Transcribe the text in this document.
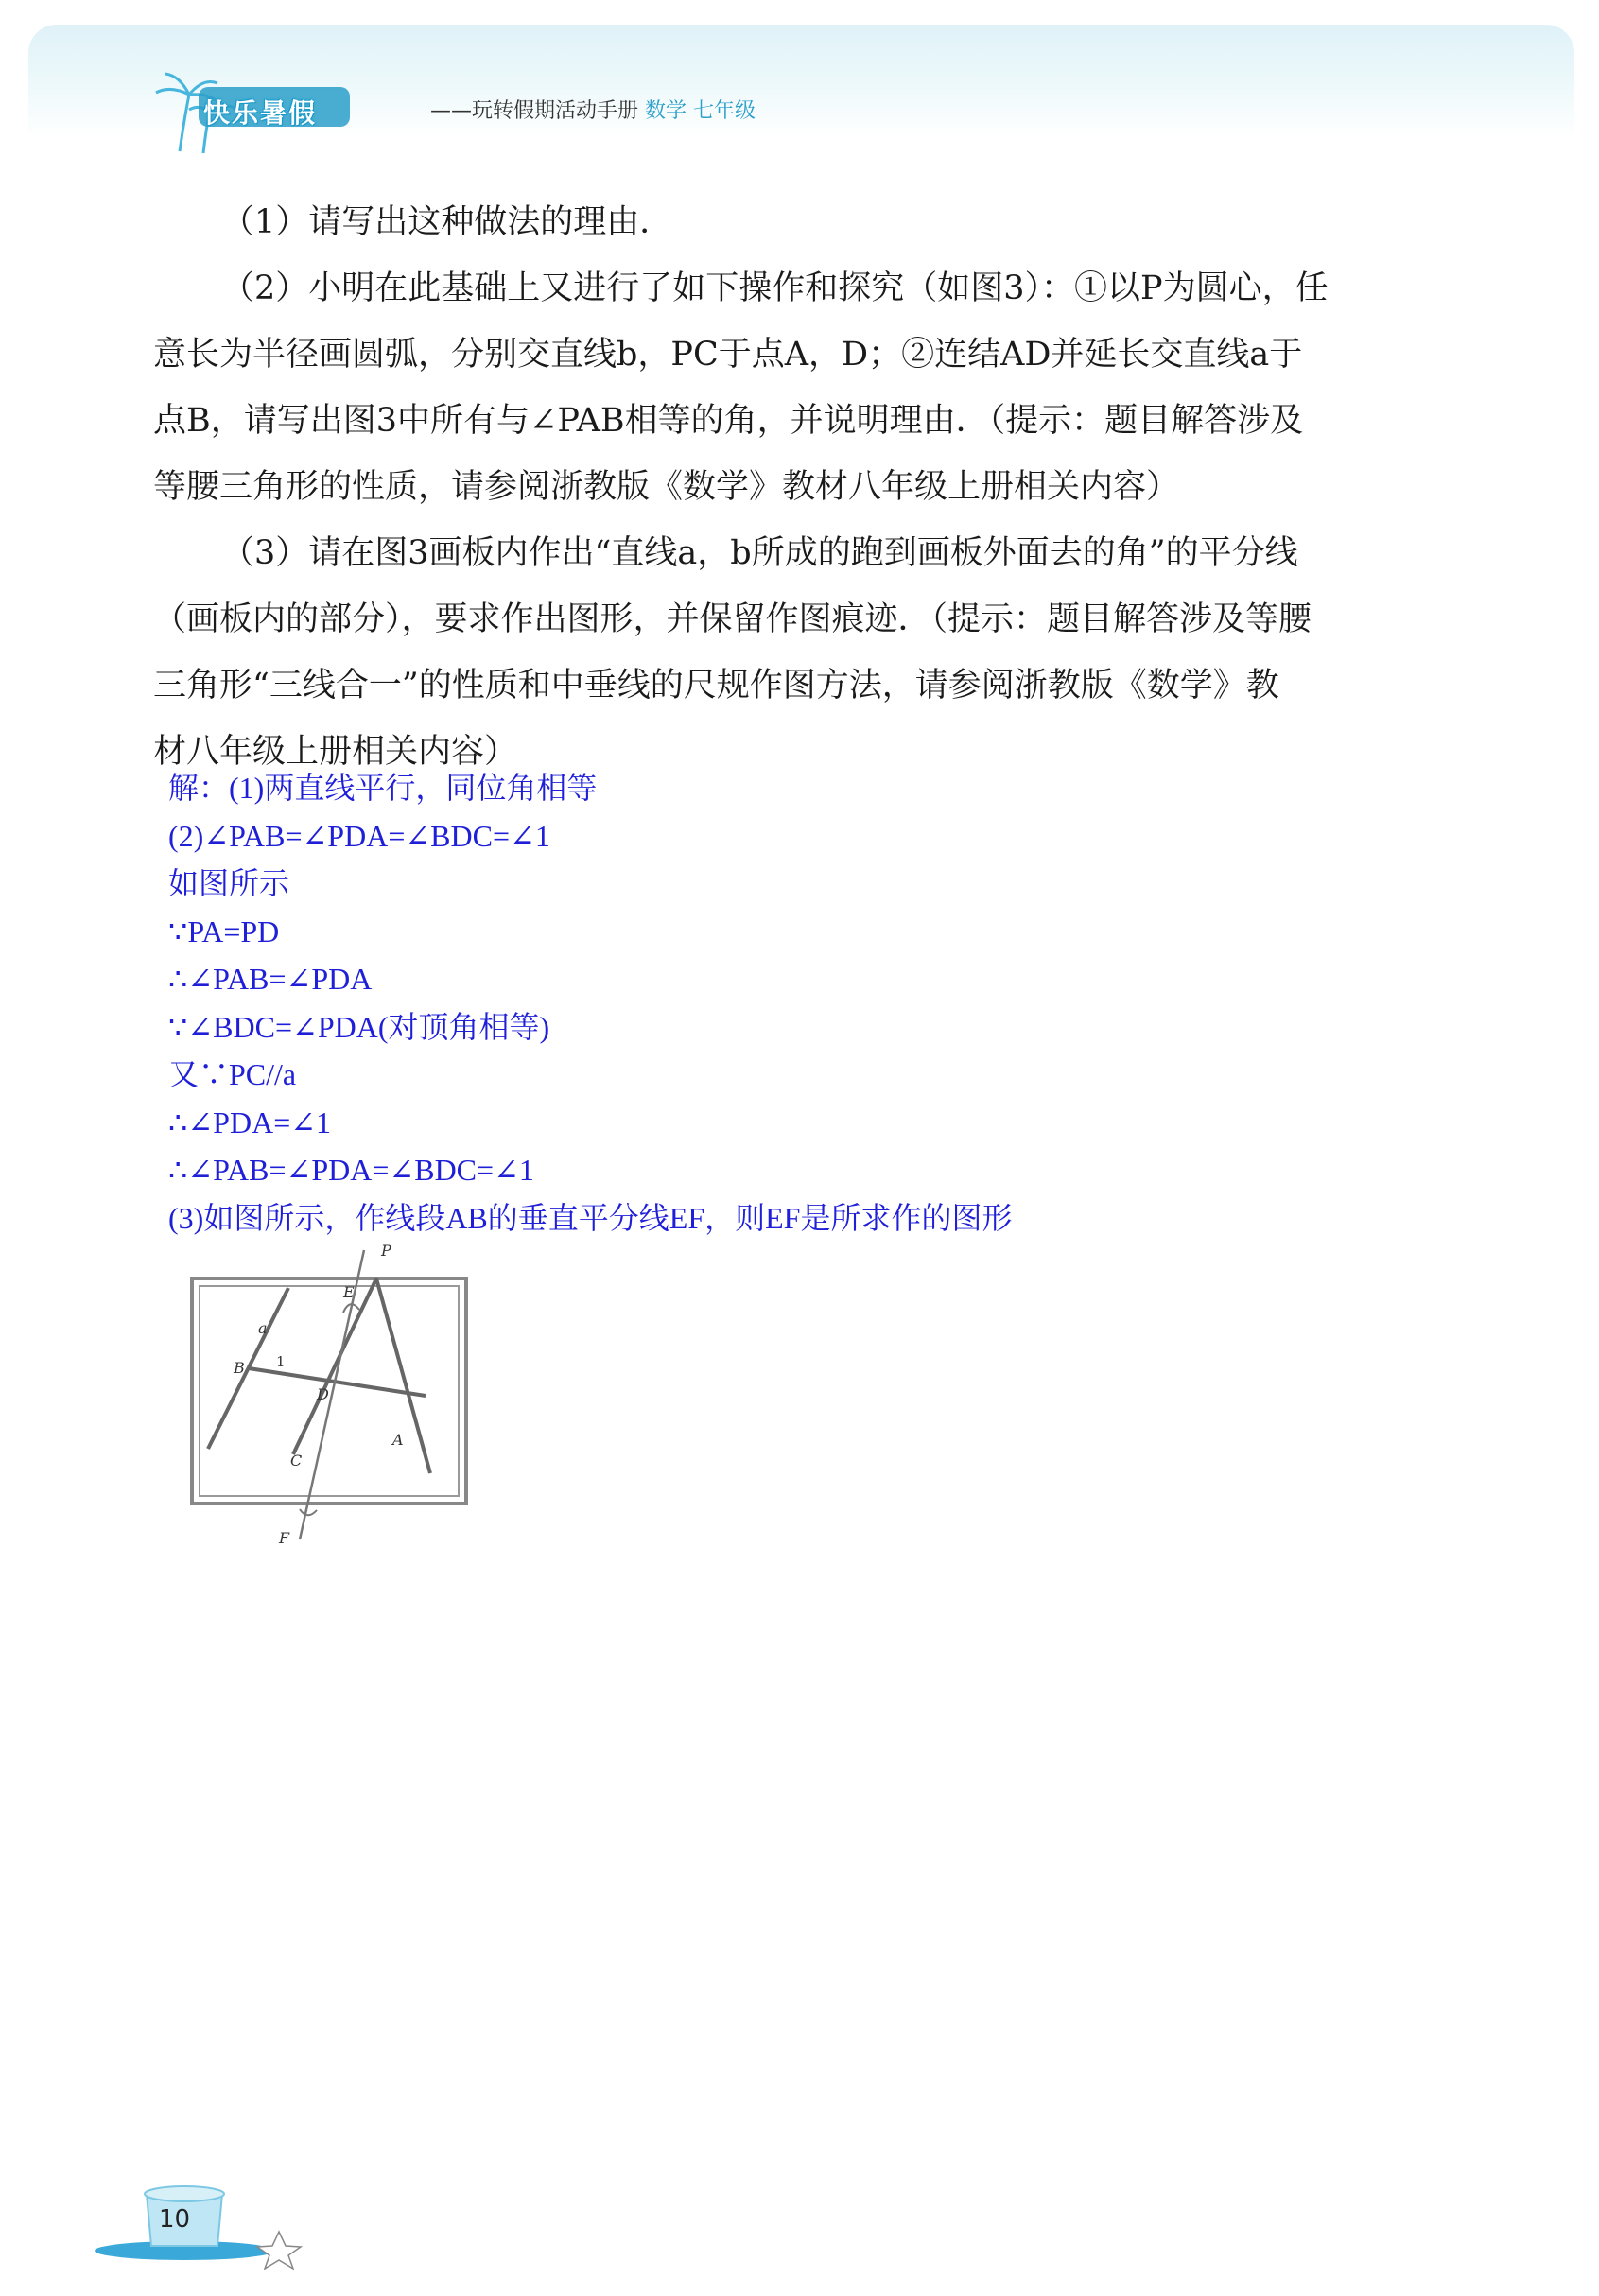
快乐暑假	——玩转假期活动手册 数学 七年级
（1）请写出这种做法的理由．
（2）小明在此基础上又进行了如下操作和探究（如图3）：①以P为圆心，任
意长为半径画圆弧，分别交直线b，PC于点A，D；②连结AD并延长交直线a于
点B，请写出图3中所有与∠PAB相等的角，并说明理由．（提示：题目解答涉及
等腰三角形的性质，请参阅浙教版《数学》教材八年级上册相关内容）
（3）请在图3画板内作出“直线a，b所成的跑到画板外面去的角”的平分线
（画板内的部分），要求作出图形，并保留作图痕迹．（提示：题目解答涉及等腰
三角形“三线合一”的性质和中垂线的尺规作图方法，请参阅浙教版《数学》教
材八年级上册相关内容）
解：(1)两直线平行，同位角相等
(2)∠PAB=∠PDA=∠BDC=∠1
如图所示
∵PA=PD
∴∠PAB=∠PDA
∵∠BDC=∠PDA(对顶角相等)
又∵PC//a
∴∠PDA=∠1
∴∠PAB=∠PDA=∠BDC=∠1
(3)如图所示，作线段AB的垂直平分线EF，则EF是所求作的图形
P
E
a
B 1
D
C
A
F
10
